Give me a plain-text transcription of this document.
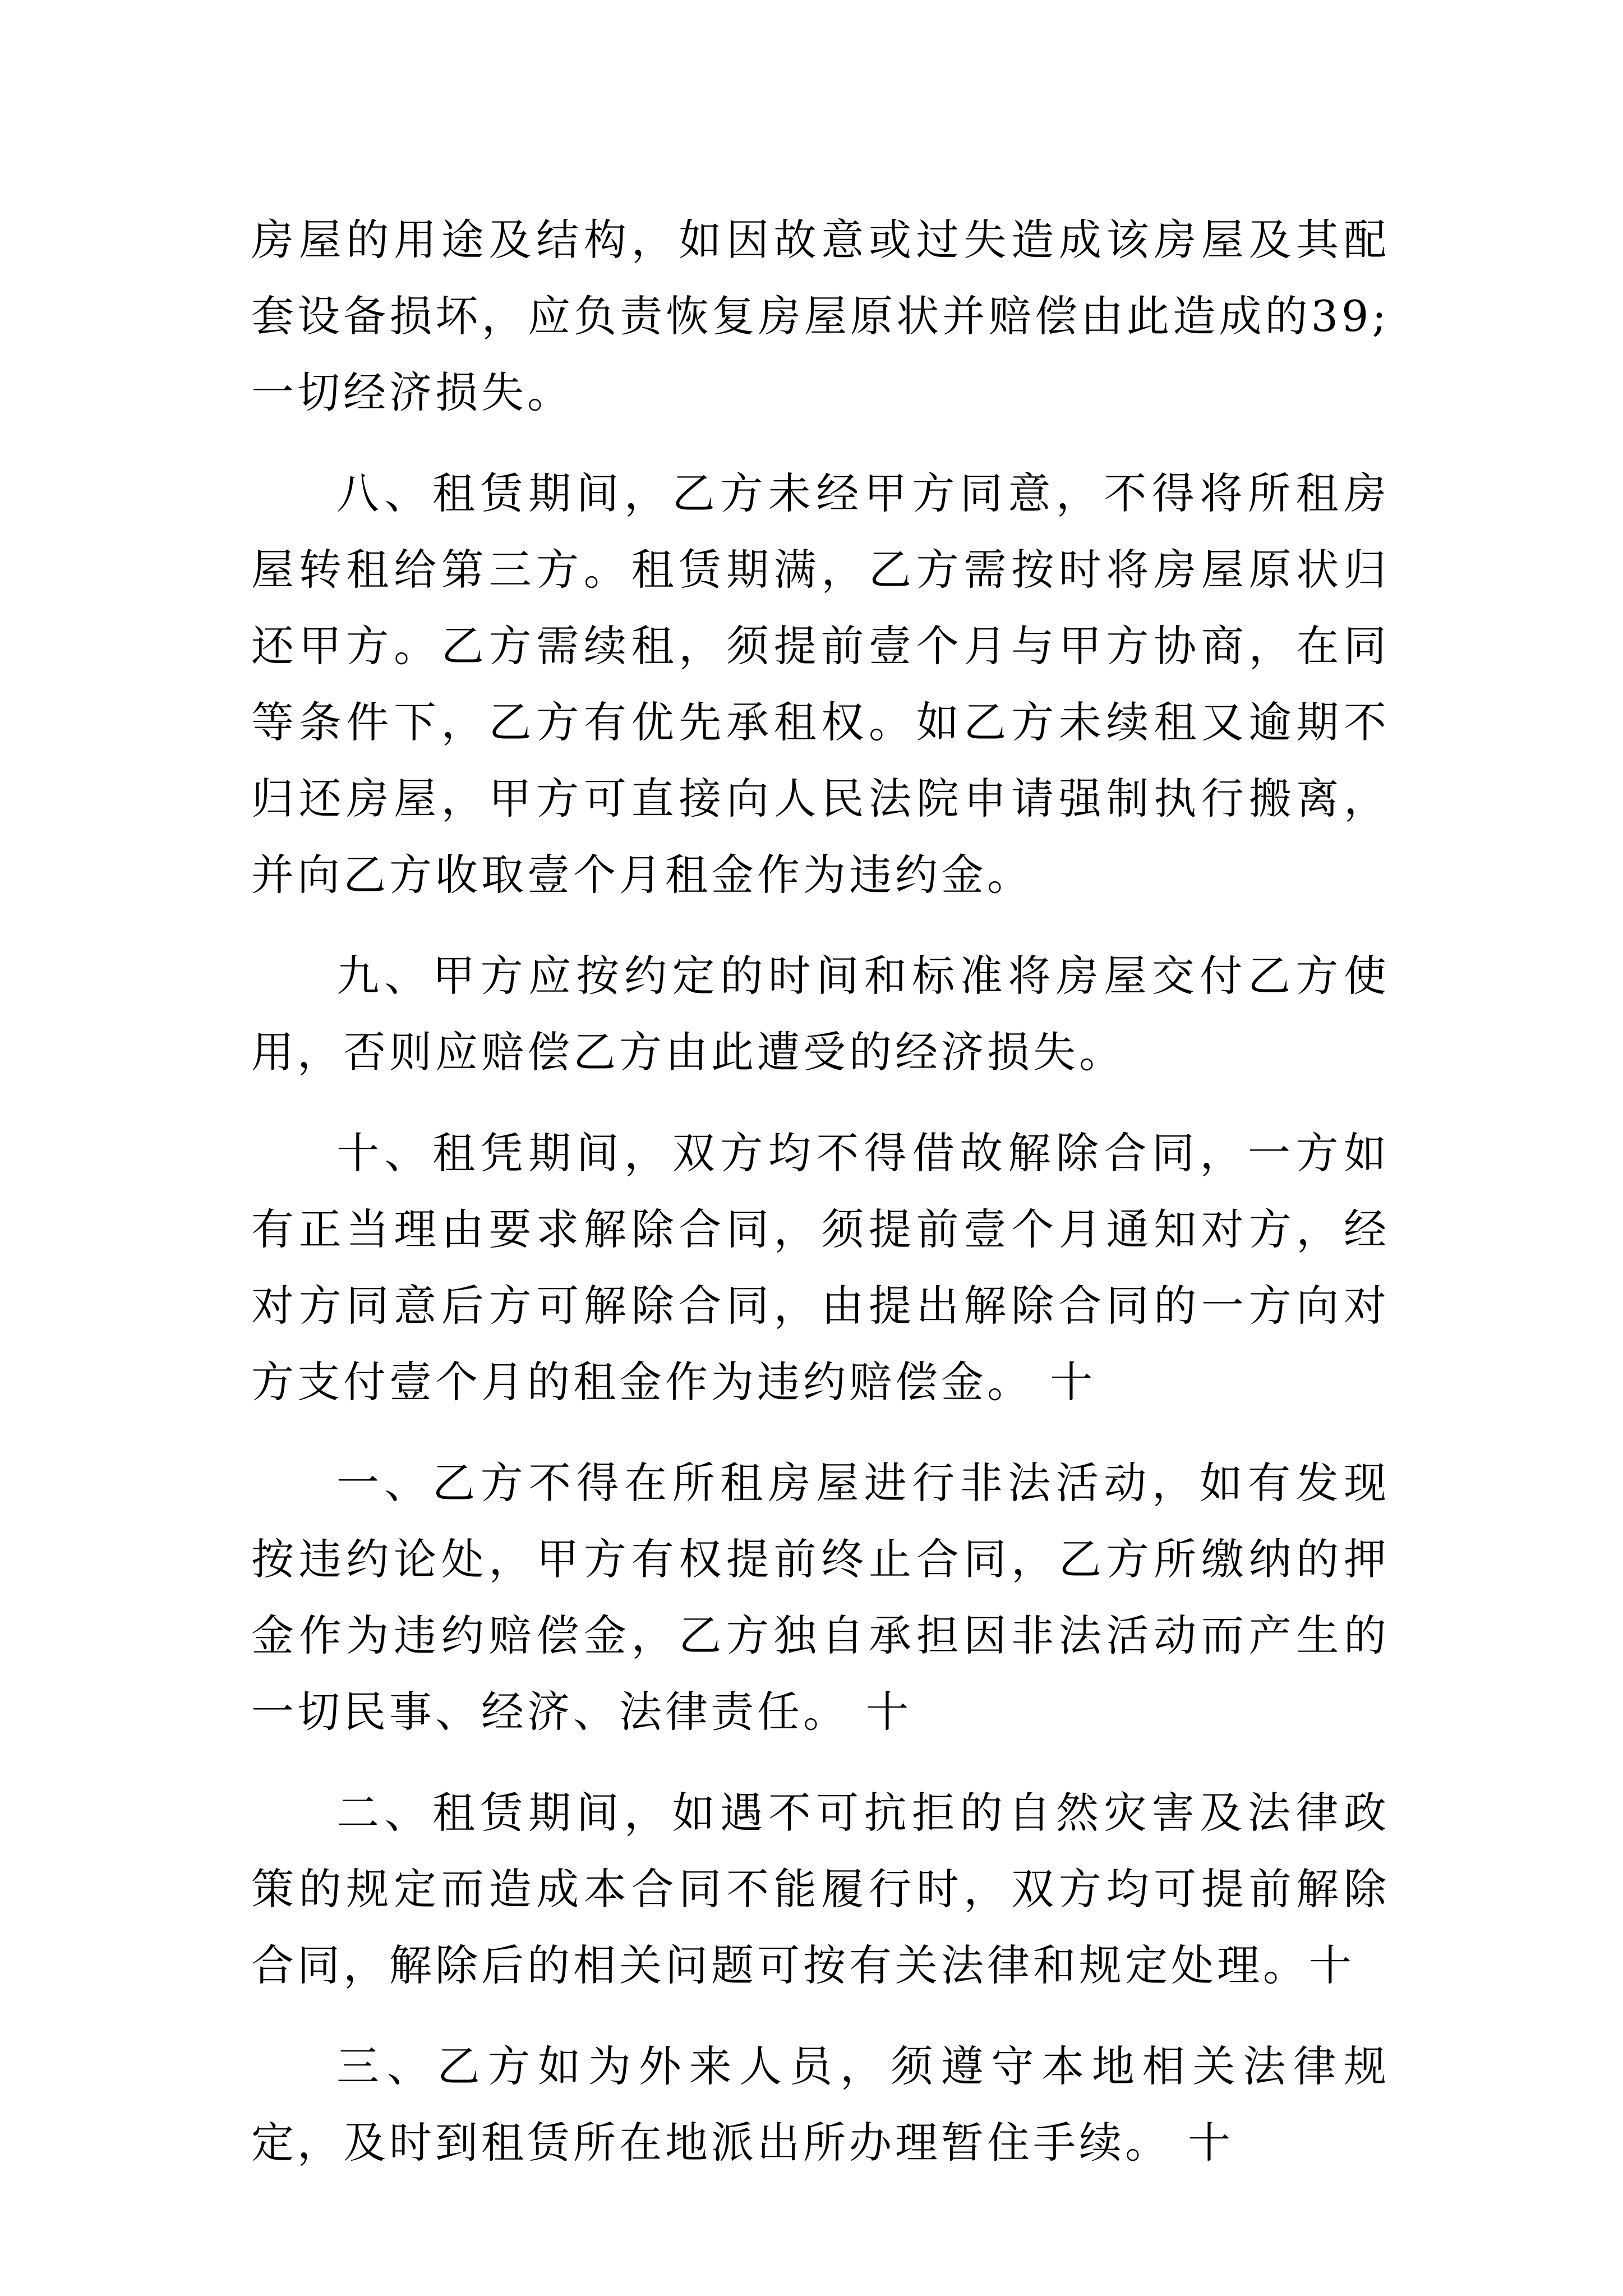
房屋的用途及结构，如因故意或过失造成该房屋及其配套设备损坏，应负责恢复房屋原状并赔偿由此造成的39;一切经济损失。

八、租赁期间，乙方未经甲方同意，不得将所租房屋转租给第三方。租赁期满，乙方需按时将房屋原状归还甲方。乙方需续租，须提前壹个月与甲方协商，在同等条件下，乙方有优先承租权。如乙方未续租又逾期不归还房屋，甲方可直接向人民法院申请强制执行搬离，并向乙方收取壹个月租金作为违约金。

九、甲方应按约定的时间和标准将房屋交付乙方使用，否则应赔偿乙方由此遭受的经济损失。

十、租凭期间，双方均不得借故解除合同，一方如有正当理由要求解除合同，须提前壹个月通知对方，经对方同意后方可解除合同，由提出解除合同的一方向对方支付壹个月的租金作为违约赔偿金。 十

一、乙方不得在所租房屋进行非法活动，如有发现按违约论处，甲方有权提前终止合同，乙方所缴纳的押金作为违约赔偿金，乙方独自承担因非法活动而产生的一切民事、经济、法律责任。 十

二、租赁期间，如遇不可抗拒的自然灾害及法律政策的规定而造成本合同不能履行时，双方均可提前解除合同，解除后的相关问题可按有关法律和规定处理。十

三、乙方如为外来人员，须遵守本地相关法律规定，及时到租赁所在地派出所办理暂住手续。 十
